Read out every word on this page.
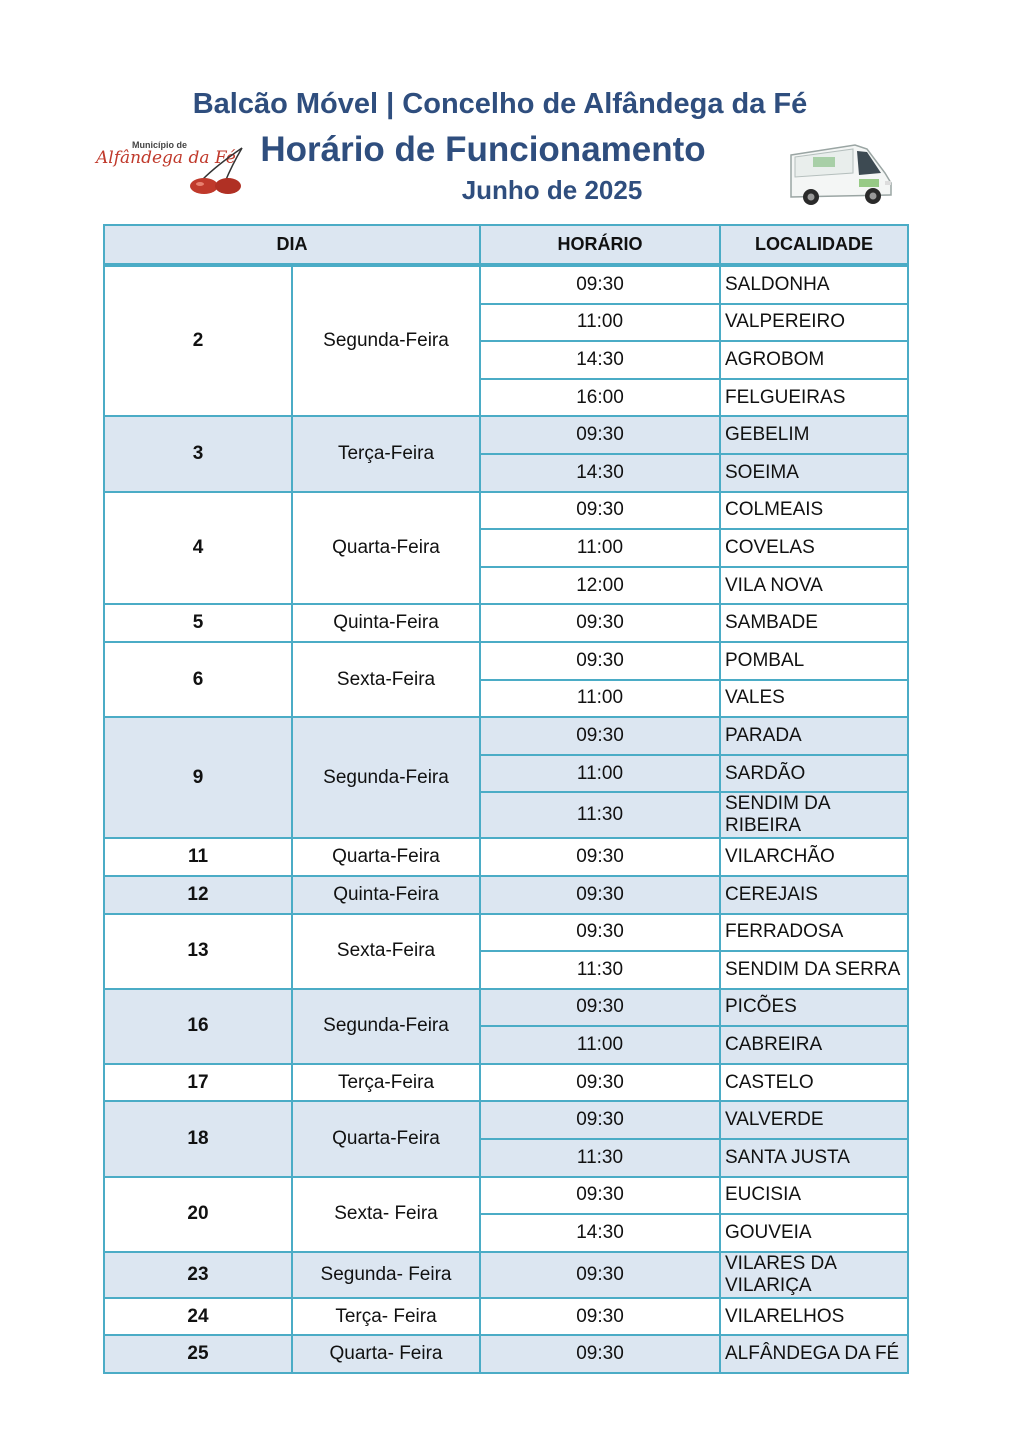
Balcão Móvel | Concelho de Alfândega da Fé
Município de
Alfândega da Fé Horário de Funcionamento
Junho de 2025
DIA		HORÁRIO	LOCALIDADE

2	Segunda-Feira	09:30	SALDONHA
		11:00	VALPEREIRO
		14:30	AGROBOM
		16:00	FELGUEIRAS
3	Terça-Feira	09:30	GEBELIM
		14:30	SOEIMA
4	Quarta-Feira	09:30	COLMEAIS
		11:00	COVELAS
		12:00	VILA NOVA
5	Quinta-Feira	09:30	SAMBADE
6	Sexta-Feira	09:30	POMBAL
		11:00	VALES
9	Segunda-Feira	09:30	PARADA
		11:00	SARDÃO
		11:30	SENDIM DA RIBEIRA
11	Quarta-Feira	09:30	VILARCHÃO
12	Quinta-Feira	09:30	CEREJAIS
13	Sexta-Feira	09:30	FERRADOSA
		11:30	SENDIM DA SERRA
16	Segunda-Feira	09:30	PICÕES
		11:00	CABREIRA
17	Terça-Feira	09:30	CASTELO
18	Quarta-Feira	09:30	VALVERDE
		11:30	SANTA JUSTA
20	Sexta- Feira	09:30	EUCISIA
		14:30	GOUVEIA
23	Segunda- Feira	09:30	VILARES DA VILARIÇA
24	Terça- Feira	09:30	VILARELHOS
25	Quarta- Feira	09:30	ALFÂNDEGA DA FÉ
